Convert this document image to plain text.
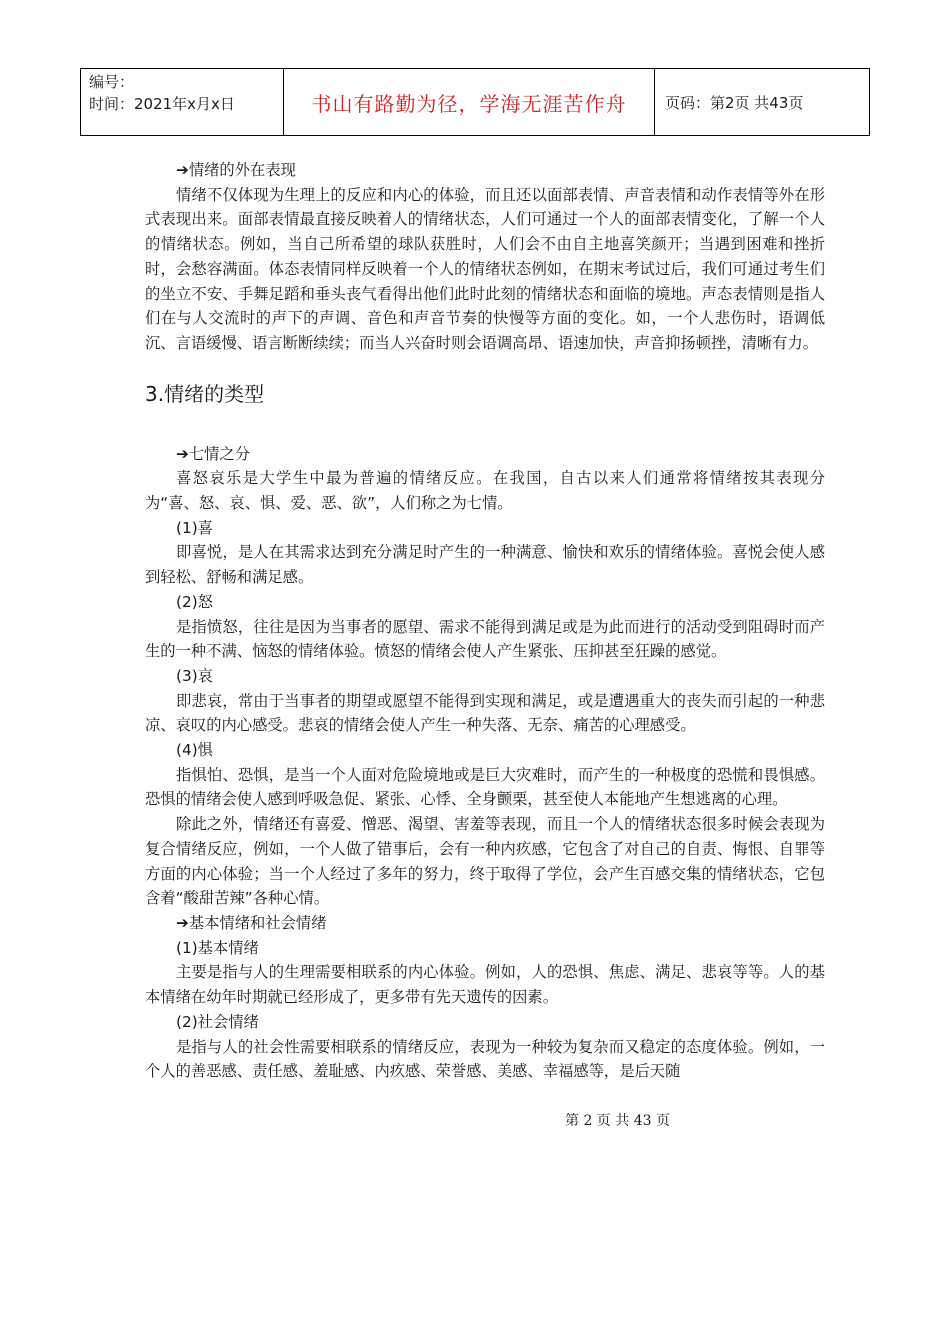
编号：
时间：2021年x月x日	书山有路勤为径，学海无涯苦作舟	页码：第2页 共43页

➔情绪的外在表现

情绪不仅体现为生理上的反应和内心的体验，而且还以面部表情、声音表情和动作表情等外在形式表现出来。面部表情最直接反映着人的情绪状态，人们可通过一个人的面部表情变化，了解一个人的情绪状态。例如，当自己所希望的球队获胜时，人们会不由自主地喜笑颜开；当遇到困难和挫折时，会愁容满面。体态表情同样反映着一个人的情绪状态例如，在期末考试过后，我们可通过考生们的坐立不安、手舞足蹈和垂头丧气看得出他们此时此刻的情绪状态和面临的境地。声态表情则是指人们在与人交流时的声下的声调、音色和声音节奏的快慢等方面的变化。如，一个人悲伤时，语调低沉、言语缓慢、语言断断续续；而当人兴奋时则会语调高昂、语速加快，声音抑扬顿挫，清晰有力。

3.情绪的类型

➔七情之分

喜怒哀乐是大学生中最为普遍的情绪反应。在我国，自古以来人们通常将情绪按其表现分为“喜、怒、哀、惧、爱、恶、欲”，人们称之为七情。

(1)喜

即喜悦，是人在其需求达到充分满足时产生的一种满意、愉快和欢乐的情绪体验。喜悦会使人感到轻松、舒畅和满足感。

(2)怒

是指愤怒，往往是因为当事者的愿望、需求不能得到满足或是为此而进行的活动受到阻碍时而产生的一种不满、恼怒的情绪体验。愤怒的情绪会使人产生紧张、压抑甚至狂躁的感觉。

(3)哀

即悲哀，常由于当事者的期望或愿望不能得到实现和满足，或是遭遇重大的丧失而引起的一种悲凉、哀叹的内心感受。悲哀的情绪会使人产生一种失落、无奈、痛苦的心理感受。

(4)惧

指惧怕、恐惧，是当一个人面对危险境地或是巨大灾难时，而产生的一种极度的恐慌和畏惧感。恐惧的情绪会使人感到呼吸急促、紧张、心悸、全身颤栗，甚至使人本能地产生想逃离的心理。

除此之外，情绪还有喜爱、憎恶、渴望、害羞等表现，而且一个人的情绪状态很多时候会表现为复合情绪反应，例如，一个人做了错事后，会有一种内疚感，它包含了对自己的自责、悔恨、自罪等方面的内心体验；当一个人经过了多年的努力，终于取得了学位，会产生百感交集的情绪状态，它包含着“酸甜苦辣”各种心情。

➔基本情绪和社会情绪

(1)基本情绪

主要是指与人的生理需要相联系的内心体验。例如，人的恐惧、焦虑、满足、悲哀等等。人的基本情绪在幼年时期就已经形成了，更多带有先天遗传的因素。

(2)社会情绪

是指与人的社会性需要相联系的情绪反应，表现为一种较为复杂而又稳定的态度体验。例如，一个人的善恶感、责任感、羞耻感、内疚感、荣誉感、美感、幸福感等，是后天随

第 2 页 共 43 页
